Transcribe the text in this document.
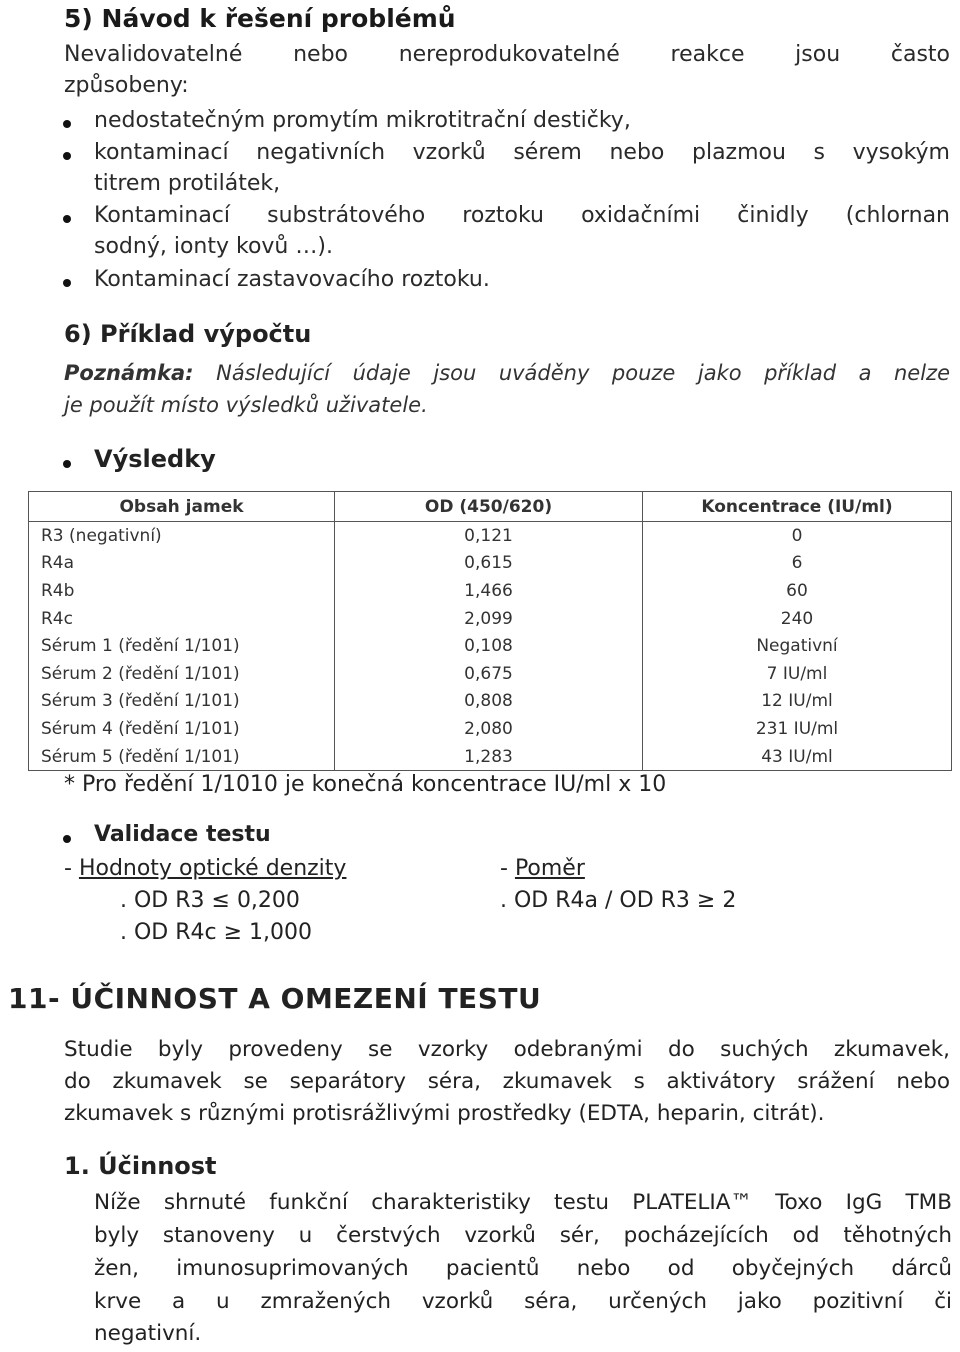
5) Návod k řešení problémů
Nevalidovatelné nebo nereprodukovatelné reakce jsou často
způsobeny:
nedostatečným promytím mikrotitrační destičky,
kontaminací negativních vzorků sérem nebo plazmou s vysokým
titrem protilátek,
Kontaminací substrátového roztoku oxidačními činidly (chlornan
sodný, ionty kovů …).
Kontaminací zastavovacího roztoku.
6) Příklad výpočtu
Poznámka: Následující údaje jsou uváděny pouze jako příklad a nelze
je použít místo výsledků uživatele.
Výsledky
Obsah jamek	OD (450/620)	Koncentrace (IU/ml)
R3 (negativní)	0,121	0
R4a	0,615	6
R4b	1,466	60
R4c	2,099	240
Sérum 1 (ředění 1/101)	0,108	Negativní
Sérum 2 (ředění 1/101)	0,675	7 IU/ml
Sérum 3 (ředění 1/101)	0,808	12 IU/ml
Sérum 4 (ředění 1/101)	2,080	231 IU/ml
Sérum 5 (ředění 1/101)	1,283	43 IU/ml
* Pro ředění 1/1010 je konečná koncentrace IU/ml x 10
Validace testu
- Hodnoty optické denzity	- Poměr
. OD R3 ≤ 0,200	. OD R4a / OD R3 ≥ 2
. OD R4c ≥ 1,000
11- ÚČINNOST A OMEZENÍ TESTU
Studie byly provedeny se vzorky odebranými do suchých zkumavek,
do zkumavek se separátory séra, zkumavek s aktivátory srážení nebo
zkumavek s různými protisrážlivými prostředky (EDTA, heparin, citrát).
1. Účinnost
Níže shrnuté funkční charakteristiky testu PLATELIA™ Toxo IgG TMB
byly stanoveny u čerstvých vzorků sér, pocházejících od těhotných
žen, imunosuprimovaných pacientů nebo od obyčejných dárců
krve a u zmražených vzorků séra, určených jako pozitivní či
negativní.
